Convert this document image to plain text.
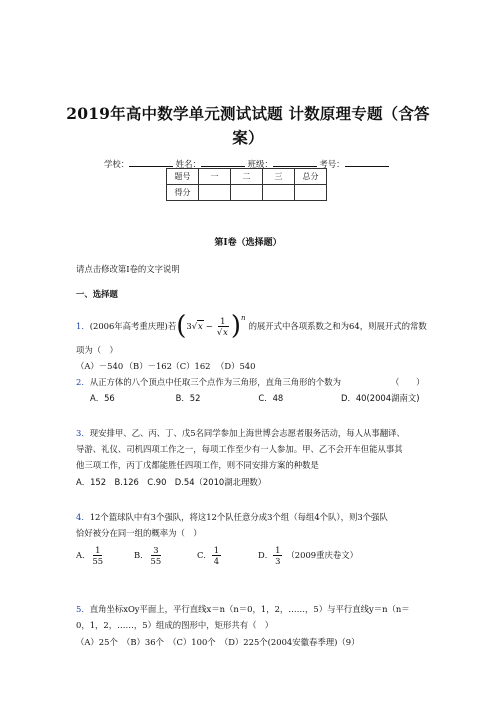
2019年高中数学单元测试试题 计数原理专题（含答
案）
学校：	姓名：	班级：	考号：
题号	一	二	三	总分
得分				
第I卷（选择题）
请点击修改第I卷的文字说明
一、选择题
1． (2006年高考重庆理)若 ( 3 √ $x - \frac{1}{√x} )^n$
的展开式中各项系数之和为64，则展开式的常数
项为（　）
（A）－540 （B）－162 （C）162 （D）540
2．从正方体的八个顶点中任取三个点作为三角形，直角三角形的个数为	（　　）
A．56	B．52	C．48	D．40(2004湖南文)
3．现安排甲、乙、丙、丁、戊5名同学参加上海世博会志愿者服务活动，每人从事翻译、
导游、礼仪、司机四项工作之一，每项工作至少有一人参加。甲、乙不会开车但能从事其
他三项工作，丙丁戊都能胜任四项工作，则不同安排方案的种数是
A．152　B.126　C.90　D.54（2010湖北理数）
4．12个篮球队中有3个强队，将这12个队任意分成3个组（每组4个队），则3个强队
恰好被分在同一组的概率为（　）
A． $\frac{1}{55}$	B． $\frac{3}{55}$	C． $\frac{1}{4}$	D． $\frac{1}{3} (2009$重庆卷文）
5．直角坐标xOy平面上，平行直线x＝n（n＝0，1，2，……，5）与平行直线y＝n（n＝
0，1，2，……，5）组成的图形中，矩形共有（　）
（A）25个　（B）36个　（C）100个　（D）225个(2004安徽春季理)（9）
